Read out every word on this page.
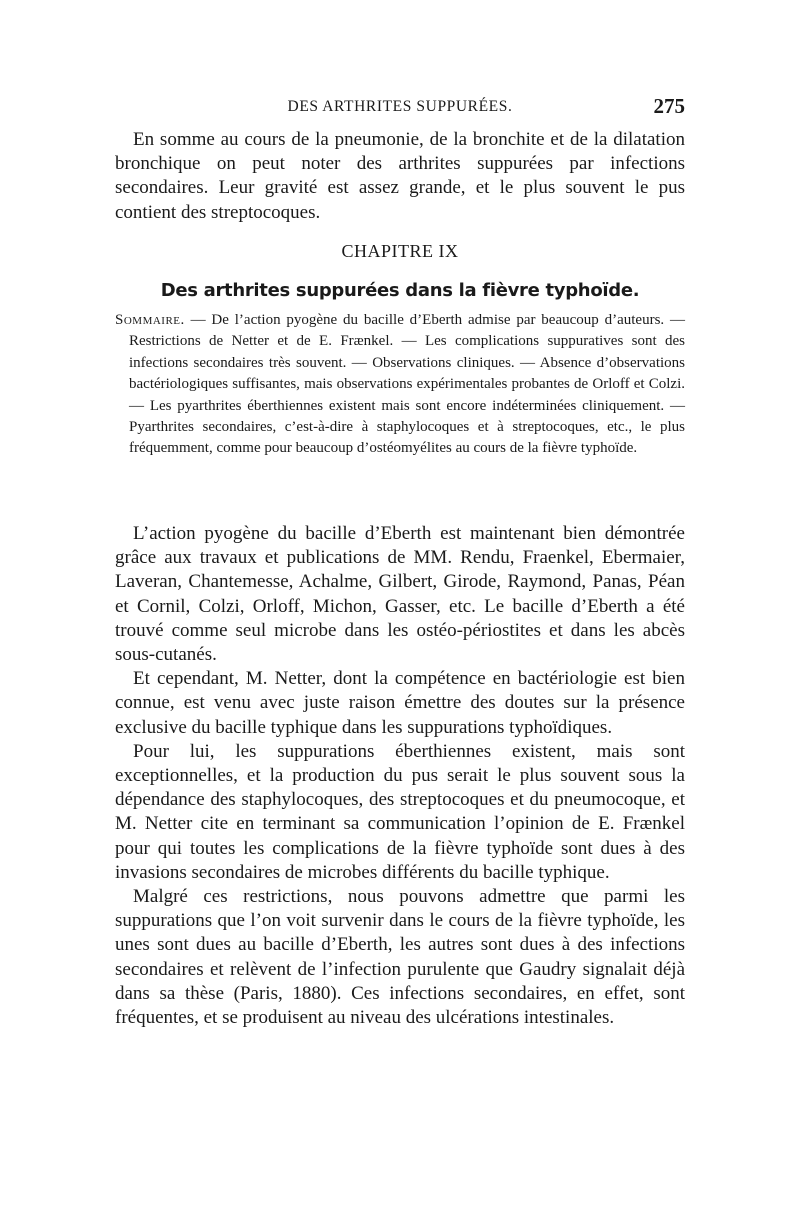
DES ARTHRITES SUPPURÉES.	275

En somme au cours de la pneumonie, de la bronchite et de la dilatation bronchique on peut noter des arthrites suppurées par infections secondaires. Leur gravité est assez grande, et le plus souvent le pus contient des streptocoques.

CHAPITRE IX
Des arthrites suppurées dans la fièvre typhoïde.

Sommaire. — De l’action pyogène du bacille d’Eberth admise par beaucoup d’auteurs. — Restrictions de Netter et de E. Frænkel. — Les complications suppuratives sont des infections secondaires très souvent. — Observations cliniques. — Absence d’observations bactériologiques suffisantes, mais observations expérimentales probantes de Orloff et Colzi. — Les pyarthrites éberthiennes existent mais sont encore indéterminées cliniquement. — Pyarthrites secondaires, c’est-à-dire à staphylocoques et à streptocoques, etc., le plus fréquemment, comme pour beaucoup d’ostéomyélites au cours de la fièvre typhoïde.

L’action pyogène du bacille d’Eberth est maintenant bien démontrée grâce aux travaux et publications de MM. Rendu, Fraenkel, Ebermaier, Laveran, Chantemesse, Achalme, Gilbert, Girode, Raymond, Panas, Péan et Cornil, Colzi, Orloff, Michon, Gasser, etc. Le bacille d’Eberth a été trouvé comme seul microbe dans les ostéo-périostites et dans les abcès sous-cutanés.

Et cependant, M. Netter, dont la compétence en bactériologie est bien connue, est venu avec juste raison émettre des doutes sur la présence exclusive du bacille typhique dans les suppurations typhoïdiques.

Pour lui, les suppurations éberthiennes existent, mais sont exceptionnelles, et la production du pus serait le plus souvent sous la dépendance des staphylocoques, des streptocoques et du pneumocoque, et M. Netter cite en terminant sa communication l’opinion de E. Frænkel pour qui toutes les complications de la fièvre typhoïde sont dues à des invasions secondaires de microbes différents du bacille typhique.

Malgré ces restrictions, nous pouvons admettre que parmi les suppurations que l’on voit survenir dans le cours de la fièvre typhoïde, les unes sont dues au bacille d’Eberth, les autres sont dues à des infections secondaires et relèvent de l’infection purulente que Gaudry signalait déjà dans sa thèse (Paris, 1880). Ces infections secondaires, en effet, sont fréquentes, et se produisent au niveau des ulcérations intestinales.
